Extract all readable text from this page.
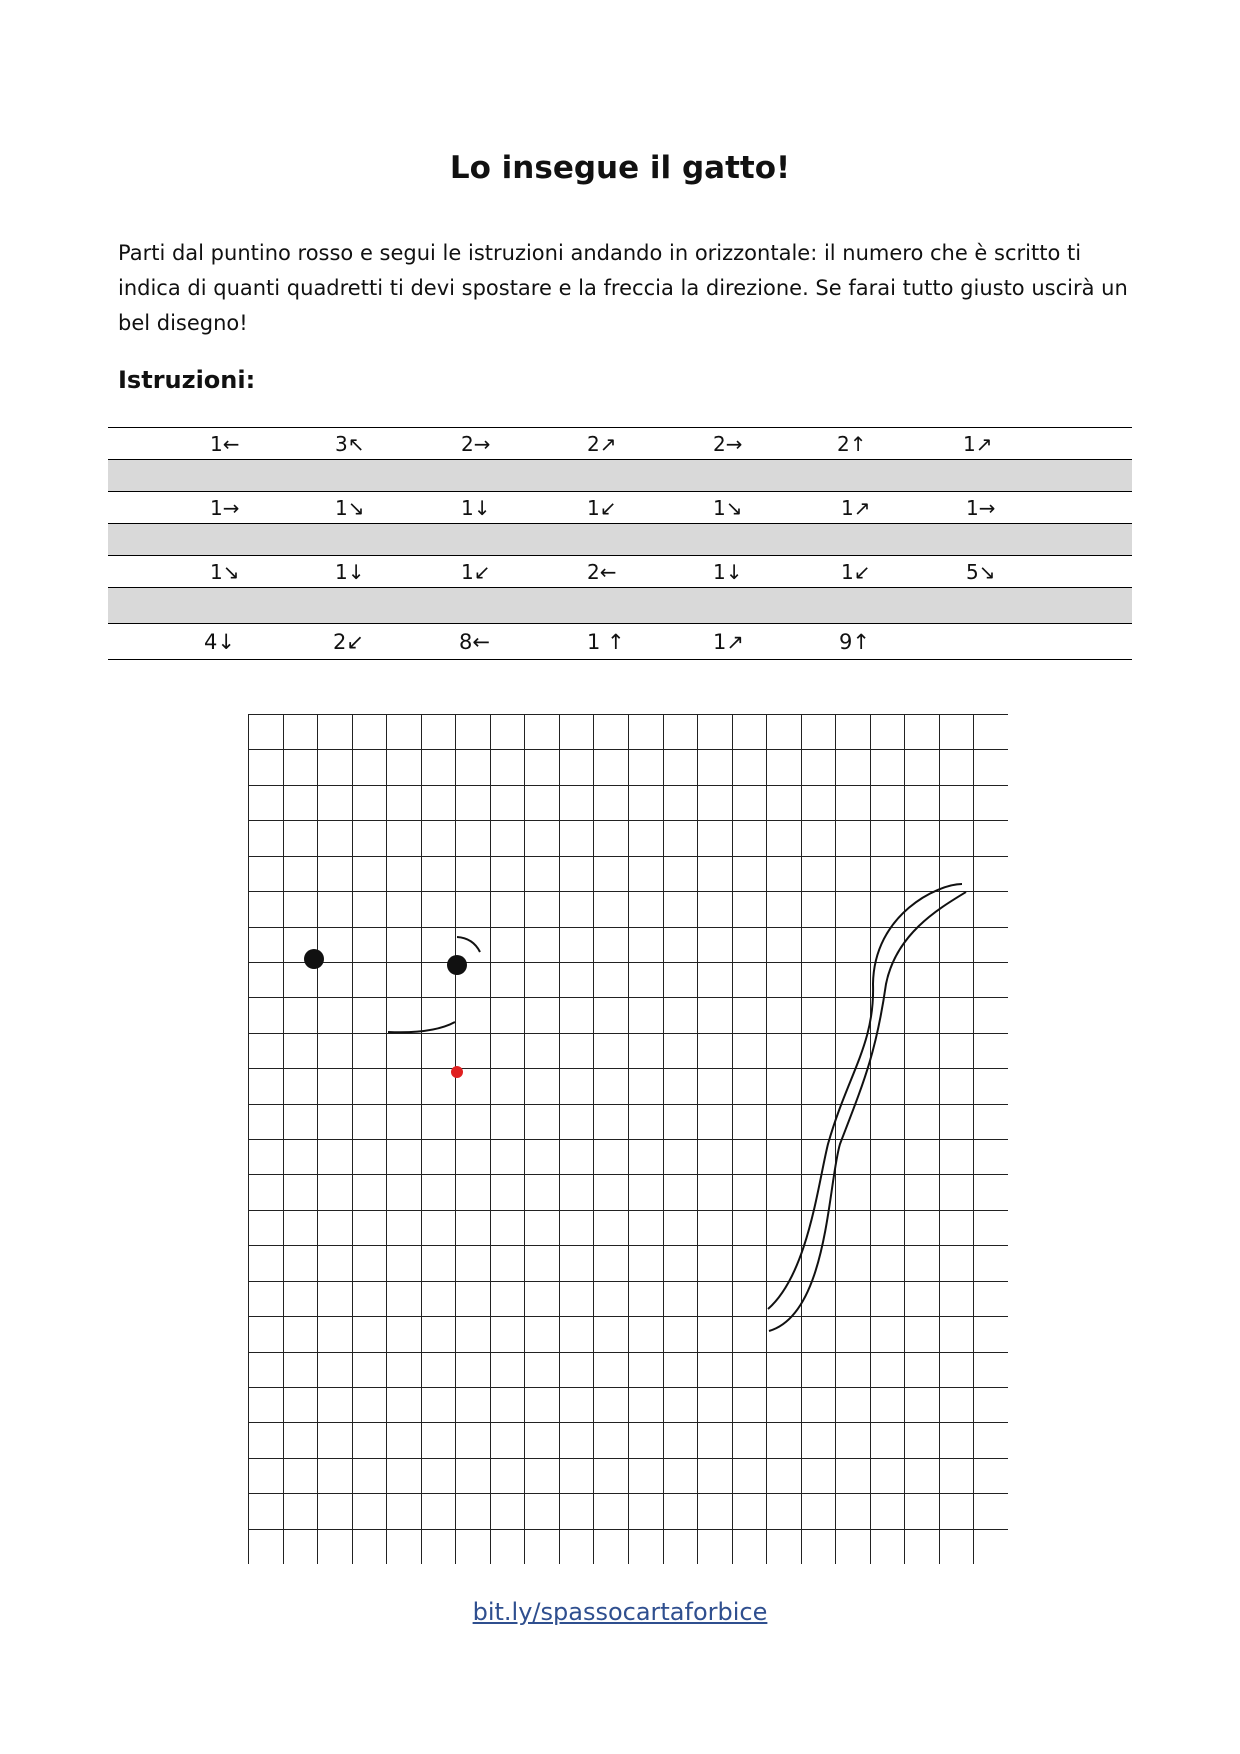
Lo insegue il gatto!

Parti dal puntino rosso e segui le istruzioni andando in orizzontale: il numero che è scritto ti indica di quanti quadretti ti devi spostare e la freccia la direzione. Se farai tutto giusto uscirà un bel disegno!

Istruzioni:
1←	3↖	2→	2↗	2→	2↑	1↗
1→	1↘	1↓	1↙	1↘	1↗	1→
1↘	1↓	1↙	2←	1↓	1↙	5↘
4↓	2↙	8←	1 ↑	1↗	9↑
bit.ly/spassocartaforbice
